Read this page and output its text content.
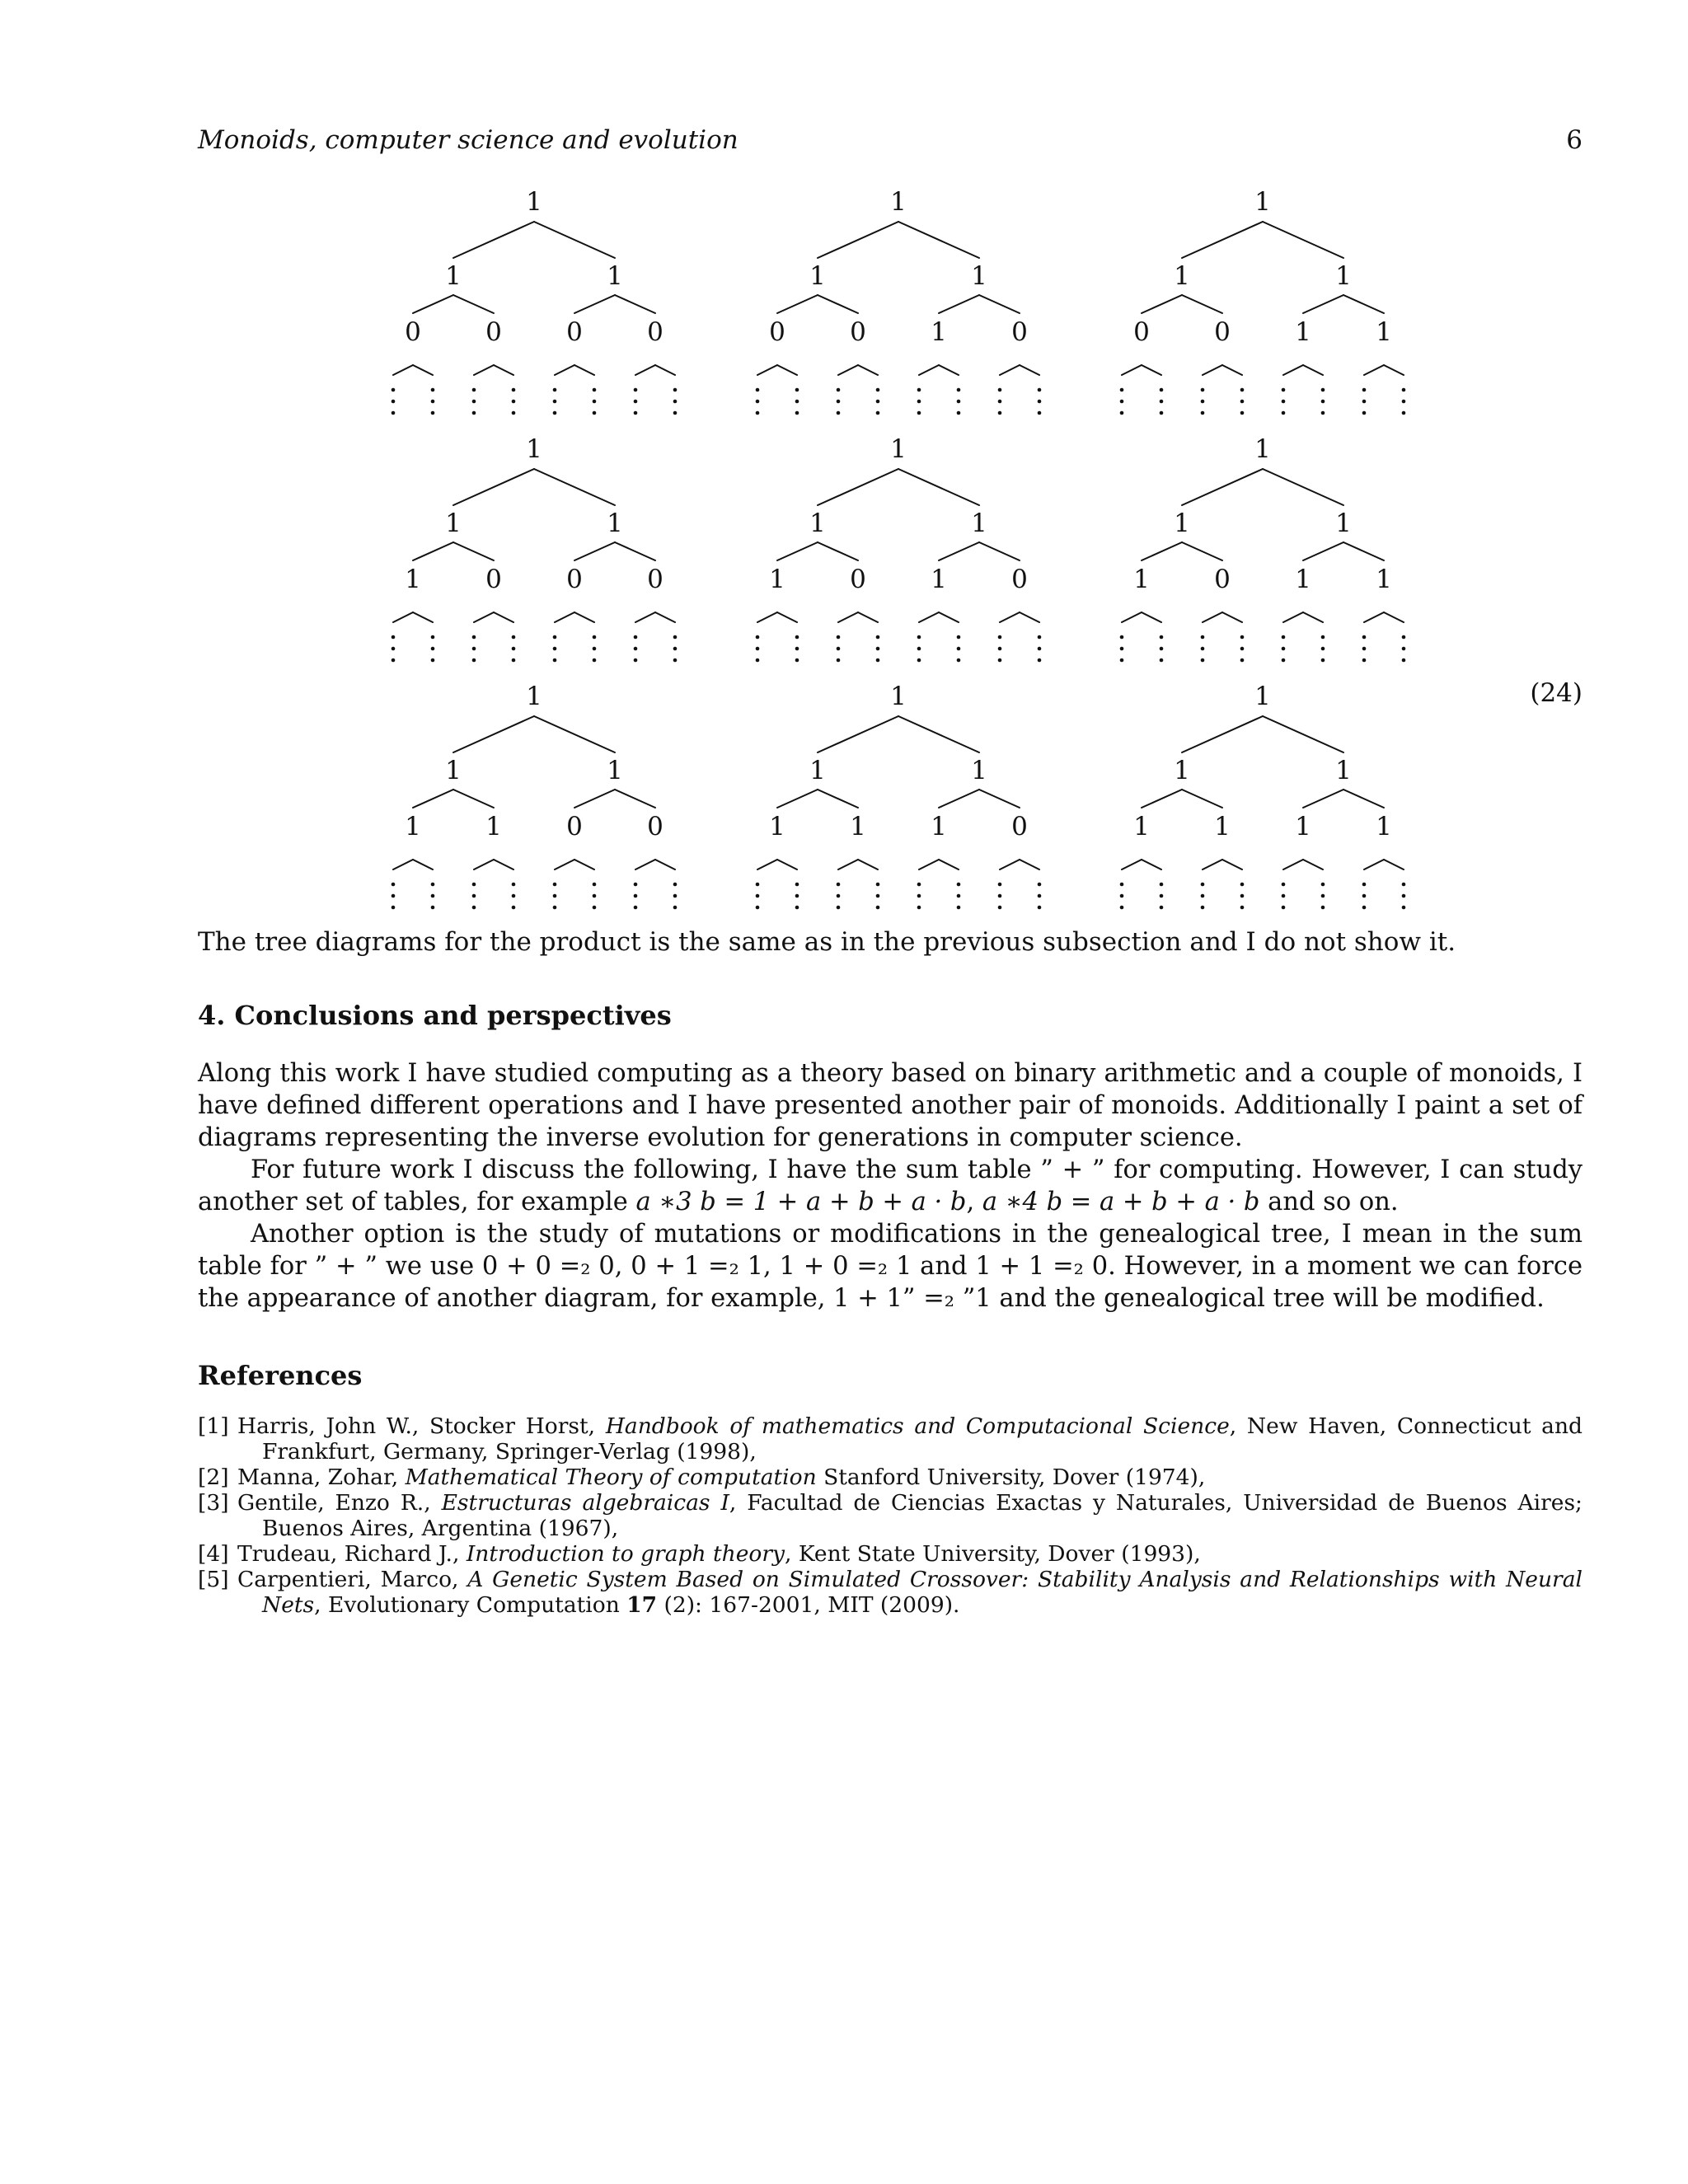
Monoids, computer science and evolution	6
1
1	1
0	0	0	0
1
1	1
0	0	1	0
1
1	1
0	0	1	1
1
1	1
1	0	0	0
1
1	1
1	0	1	0
1
1	1
1	0	1	1
1
1	1
1	1	0	0
1
1	1
1	1	1	0
1
1	1
1	1	1	1
(24)
The tree diagrams for the product is the same as in the previous subsection and I do not show it.
4. Conclusions and perspectives

Along this work I have studied computing as a theory based on binary arithmetic and a couple of monoids, I have defined different operations and I have presented another pair of monoids. Additionally I paint a set of diagrams representing the inverse evolution for generations in computer science.

For future work I discuss the following, I have the sum table ” + ” for computing. However, I can study another set of tables, for example a ∗3 b = 1 + a + b + a · b, a ∗4 b = a + b + a · b and so on.

Another option is the study of mutations or modifications in the genealogical tree, I mean in the sum table for ” + ” we use 0 + 0 =₂ 0, 0 + 1 =₂ 1, 1 + 0 =₂ 1 and 1 + 1 =₂ 0. However, in a moment we can force the appearance of another diagram, for example, 1 + 1” =₂ ”1 and the genealogical tree will be modified.

References

[1] Harris, John W., Stocker Horst, Handbook of mathematics and Computacional Science, New Haven, Connecticut and Frankfurt, Germany, Springer-Verlag (1998),

[2] Manna, Zohar, Mathematical Theory of computation Stanford University, Dover (1974),

[3] Gentile, Enzo R., Estructuras algebraicas I, Facultad de Ciencias Exactas y Naturales, Universidad de Buenos Aires; Buenos Aires, Argentina (1967),

[4] Trudeau, Richard J., Introduction to graph theory, Kent State University, Dover (1993),

[5] Carpentieri, Marco, A Genetic System Based on Simulated Crossover: Stability Analysis and Relationships with Neural Nets, Evolutionary Computation 17 (2): 167-2001, MIT (2009).
